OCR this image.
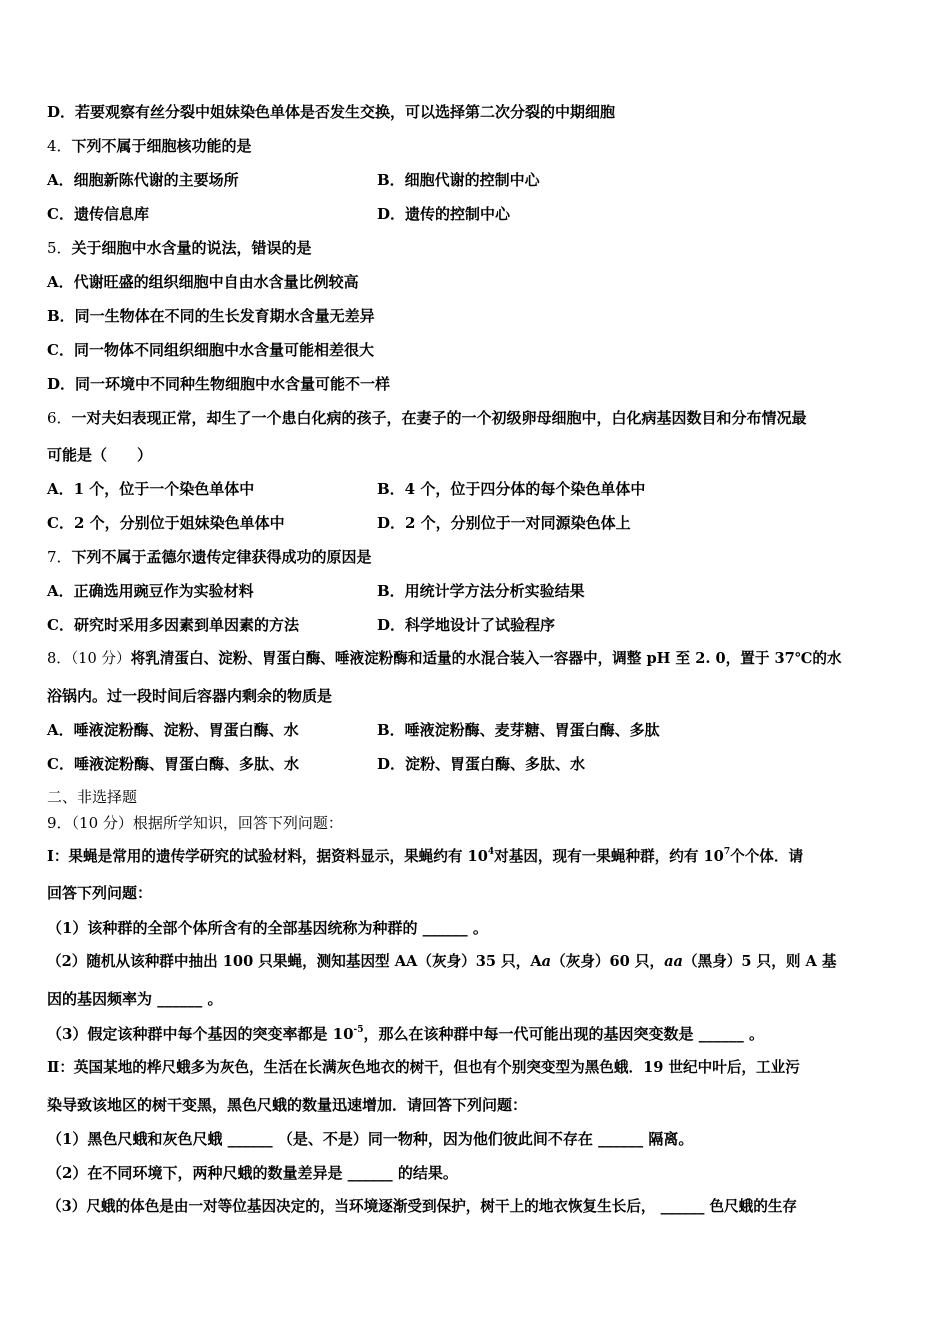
D．若要观察有丝分裂中姐妹染色单体是否发生交换，可以选择第二次分裂的中期细胞
4．下列不属于细胞核功能的是
A．细胞新陈代谢的主要场所	B．细胞代谢的控制中心
C．遗传信息库	D．遗传的控制中心
5．关于细胞中水含量的说法，错误的是
A．代谢旺盛的组织细胞中自由水含量比例较高
B．同一生物体在不同的生长发育期水含量无差异
C．同一物体不同组织细胞中水含量可能相差很大
D．同一环境中不同种生物细胞中水含量可能不一样
6．一对夫妇表现正常，却生了一个患白化病的孩子，在妻子的一个初级卵母细胞中，白化病基因数目和分布情况最
可能是（　　）
A．1 个，位于一个染色单体中	B．4 个，位于四分体的每个染色单体中
C．2 个，分别位于姐妹染色单体中	D．2 个，分别位于一对同源染色体上
7．下列不属于孟德尔遗传定律获得成功的原因是
A．正确选用豌豆作为实验材料	B．用统计学方法分析实验结果
C．研究时采用多因素到单因素的方法	D．科学地设计了试验程序
8．（10 分）将乳清蛋白、淀粉、胃蛋白酶、唾液淀粉酶和适量的水混合装入一容器中，调整 pH 至 2. 0，置于 37℃的水
浴锅内。过一段时间后容器内剩余的物质是
A．唾液淀粉酶、淀粉、胃蛋白酶、水	B．唾液淀粉酶、麦芽糖、胃蛋白酶、多肽
C．唾液淀粉酶、胃蛋白酶、多肽、水	D．淀粉、胃蛋白酶、多肽、水
二、非选择题
9．（10 分）根据所学知识，回答下列问题：
Ⅰ：果蝇是常用的遗传学研究的试验材料，据资料显示，果蝇约有 $10^4$对基因，现有一果蝇种群，约有 $10^7$个个体．请
回答下列问题：
（1）该种群的全部个体所含有的全部基因统称为种群的 ______ 。
（2）随机从该种群中抽出 100 只果蝇，测知基因型 AA（灰身）35 只，Aa（灰身）60 只，aa（黑身）5 只，则 A 基
因的基因频率为 ______ 。
（3）假定该种群中每个基因的突变率都是 $10^{-5}$，那么在该种群中每一代可能出现的基因突变数是 ______ 。
Ⅱ：英国某地的桦尺蛾多为灰色，生活在长满灰色地衣的树干，但也有个别突变型为黑色蛾．19 世纪中叶后，工业污
染导致该地区的树干变黑，黑色尺蛾的数量迅速增加．请回答下列问题：
（1）黑色尺蛾和灰色尺蛾 ______ （是、不是）同一物种，因为他们彼此间不存在 ______ 隔离。
（2）在不同环境下，两种尺蛾的数量差异是 ______ 的结果。
（3）尺蛾的体色是由一对等位基因决定的，当环境逐渐受到保护，树干上的地衣恢复生长后， ______ 色尺蛾的生存
